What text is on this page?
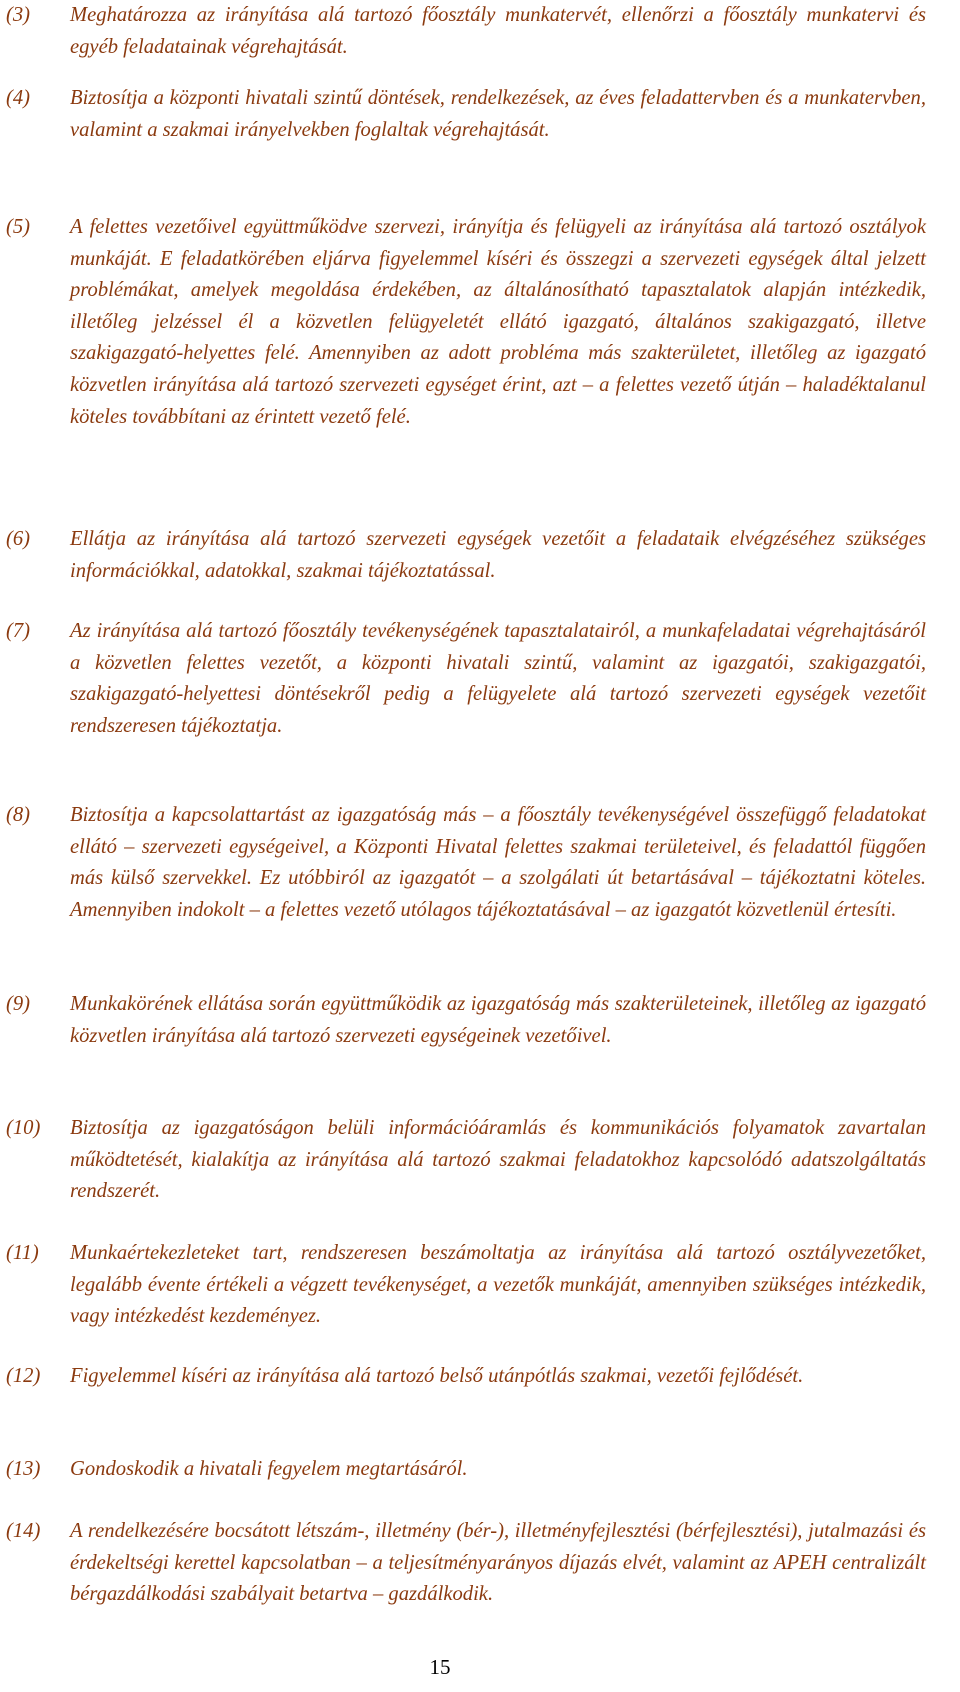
(3)	Meghatározza az irányítása alá tartozó főosztály munkatervét, ellenőrzi a főosztály munkatervi és egyéb feladatainak végrehajtását.

(4)	Biztosítja a központi hivatali szintű döntések, rendelkezések, az éves feladattervben és a munkatervben, valamint a szakmai irányelvekben foglaltak végrehajtását.

(5)	A felettes vezetőivel együttműködve szervezi, irányítja és felügyeli az irányítása alá tartozó osztályok munkáját. E feladatkörében eljárva figyelemmel kíséri és összegzi a szervezeti egységek által jelzett problémákat, amelyek megoldása érdekében, az általánosítható tapasztalatok alapján intézkedik, illetőleg jelzéssel él a közvetlen felügyeletét ellátó igazgató, általános szakigazgató, illetve szakigazgató-helyettes felé. Amennyiben az adott probléma más szakterületet, illetőleg az igazgató közvetlen irányítása alá tartozó szervezeti egységet érint, azt – a felettes vezető útján – haladéktalanul köteles továbbítani az érintett vezető felé.

(6)	Ellátja az irányítása alá tartozó szervezeti egységek vezetőit a feladataik elvégzéséhez szükséges információkkal, adatokkal, szakmai tájékoztatással.

(7)	Az irányítása alá tartozó főosztály tevékenységének tapasztalatairól, a munkafeladatai végrehajtásáról a közvetlen felettes vezetőt, a központi hivatali szintű, valamint az igazgatói, szakigazgatói, szakigazgató-helyettesi döntésekről pedig a felügyelete alá tartozó szervezeti egységek vezetőit rendszeresen tájékoztatja.

(8)	Biztosítja a kapcsolattartást az igazgatóság más – a főosztály tevékenységével összefüggő feladatokat ellátó – szervezeti egységeivel, a Központi Hivatal felettes szakmai területeivel, és feladattól függően más külső szervekkel. Ez utóbbiról az igazgatót – a szolgálati út betartásával – tájékoztatni köteles. Amennyiben indokolt – a felettes vezető utólagos tájékoztatásával – az igazgatót közvetlenül értesíti.

(9)	Munkakörének ellátása során együttműködik az igazgatóság más szakterületeinek, illetőleg az igazgató közvetlen irányítása alá tartozó szervezeti egységeinek vezetőivel.

(10)	Biztosítja az igazgatóságon belüli információáramlás és kommunikációs folyamatok zavartalan működtetését, kialakítja az irányítása alá tartozó szakmai feladatokhoz kapcsolódó adatszolgáltatás rendszerét.

(11)	Munkaértekezleteket tart, rendszeresen beszámoltatja az irányítása alá tartozó osztályvezetőket, legalább évente értékeli a végzett tevékenységet, a vezetők munkáját, amennyiben szükséges intézkedik, vagy intézkedést kezdeményez.

(12)	Figyelemmel kíséri az irányítása alá tartozó belső utánpótlás szakmai, vezetői fejlődését.

(13)	Gondoskodik a hivatali fegyelem megtartásáról.

(14)	A rendelkezésére bocsátott létszám-, illetmény (bér-), illetményfejlesztési (bérfejlesztési), jutalmazási és érdekeltségi kerettel kapcsolatban – a teljesítményarányos díjazás elvét, valamint az APEH centralizált bérgazdálkodási szabályait betartva – gazdálkodik.

15
